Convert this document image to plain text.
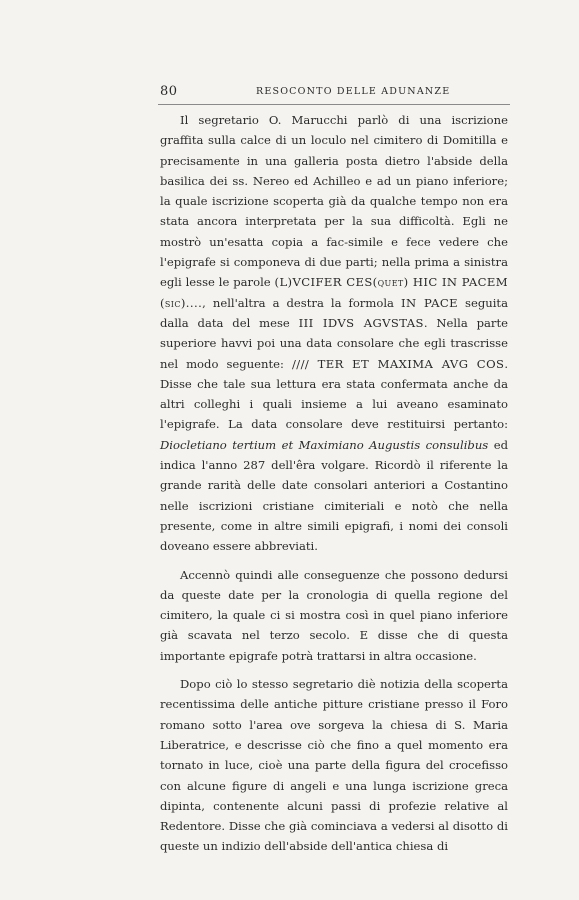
80	RESOCONTO DELLE ADUNANZE

Il segretario O. Marucchi parlò di una iscrizione graffita sulla calce di un loculo nel cimitero di Domitilla e precisamente in una galleria posta dietro l'abside della basilica dei ss. Nereo ed Achilleo e ad un piano inferiore; la quale iscrizione scoperta già da qualche tempo non era stata ancora interpretata per la sua difficoltà. Egli ne mostrò un'esatta copia a fac-simile e fece vedere che l'epigrafe si componeva di due parti; nella prima a sinistra egli lesse le parole (L)VCIFER CES(quet) HIC IN PACEM (sic)...., nell'altra a destra la formola IN PACE seguita dalla data del mese III IDVS AGVSTAS. Nella parte superiore havvi poi una data consolare che egli trascrisse nel modo seguente: //// TER ET MAXIMA AVG COS. Disse che tale sua lettura era stata confermata anche da altri colleghi i quali insieme a lui aveano esaminato l'epigrafe. La data consolare deve restituirsi pertanto: Diocletiano tertium et Maximiano Augustis consulibus ed indica l'anno 287 dell'êra volgare. Ricordò il riferente la grande rarità delle date consolari anteriori a Costantino nelle iscrizioni cristiane cimiteriali e notò che nella presente, come in altre simili epigrafi, i nomi dei consoli doveano essere abbreviati.

Accennò quindi alle conseguenze che possono dedursi da queste date per la cronologia di quella regione del cimitero, la quale ci si mostra così in quel piano inferiore già scavata nel terzo secolo. E disse che di questa importante epigrafe potrà trattarsi in altra occasione.

Dopo ciò lo stesso segretario diè notizia della scoperta recentissima delle antiche pitture cristiane presso il Foro romano sotto l'area ove sorgeva la chiesa di S. Maria Liberatrice, e descrisse ciò che fino a quel momento era tornato in luce, cioè una parte della figura del crocefisso con alcune figure di angeli e una lunga iscrizione greca dipinta, contenente alcuni passi di profezie relative al Redentore. Disse che già cominciava a vedersi al disotto di queste un indizio dell'abside dell'antica chiesa di
